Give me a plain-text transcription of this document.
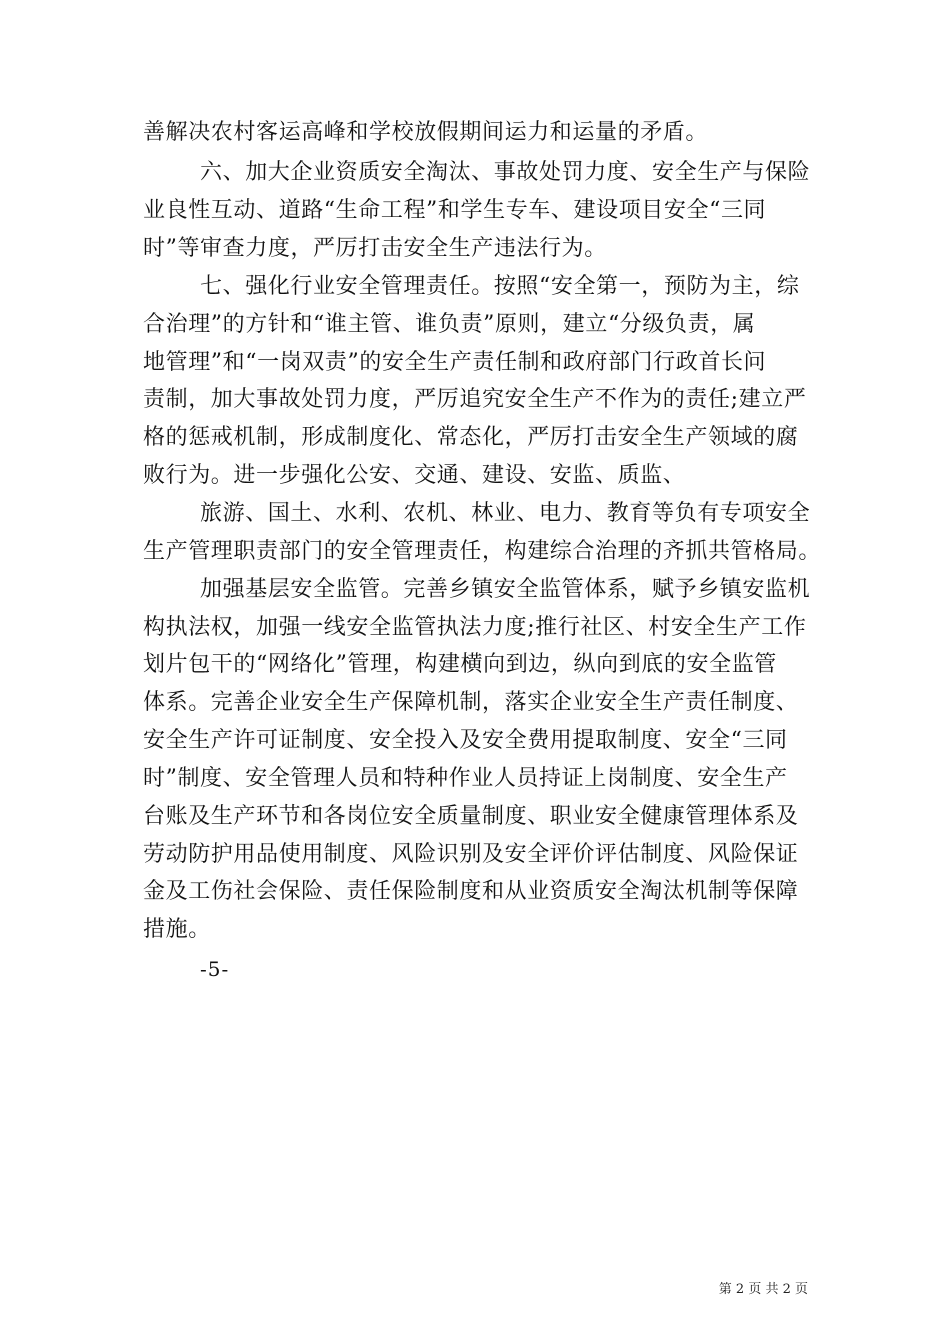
善解决农村客运高峰和学校放假期间运力和运量的矛盾。
六、加大企业资质安全淘汰、事故处罚力度、安全生产与保险
业良性互动、道路“生命工程”和学生专车、建设项目安全“三同
时”等审查力度，严厉打击安全生产违法行为。
七、强化行业安全管理责任。按照“安全第一，预防为主，综
合治理”的方针和“谁主管、谁负责”原则，建立“分级负责，属
地管理”和“一岗双责”的安全生产责任制和政府部门行政首长问
责制，加大事故处罚力度，严厉追究安全生产不作为的责任;建立严
格的惩戒机制，形成制度化、常态化，严厉打击安全生产领域的腐
败行为。进一步强化公安、交通、建设、安监、质监、
旅游、国土、水利、农机、林业、电力、教育等负有专项安全
生产管理职责部门的安全管理责任，构建综合治理的齐抓共管格局。
加强基层安全监管。完善乡镇安全监管体系，赋予乡镇安监机
构执法权，加强一线安全监管执法力度;推行社区、村安全生产工作
划片包干的“网络化”管理，构建横向到边，纵向到底的安全监管
体系。完善企业安全生产保障机制，落实企业安全生产责任制度、
安全生产许可证制度、安全投入及安全费用提取制度、安全“三同
时”制度、安全管理人员和特种作业人员持证上岗制度、安全生产
台账及生产环节和各岗位安全质量制度、职业安全健康管理体系及
劳动防护用品使用制度、风险识别及安全评价评估制度、风险保证
金及工伤社会保险、责任保险制度和从业资质安全淘汰机制等保障
措施。
-5-
第 2 页 共 2 页
